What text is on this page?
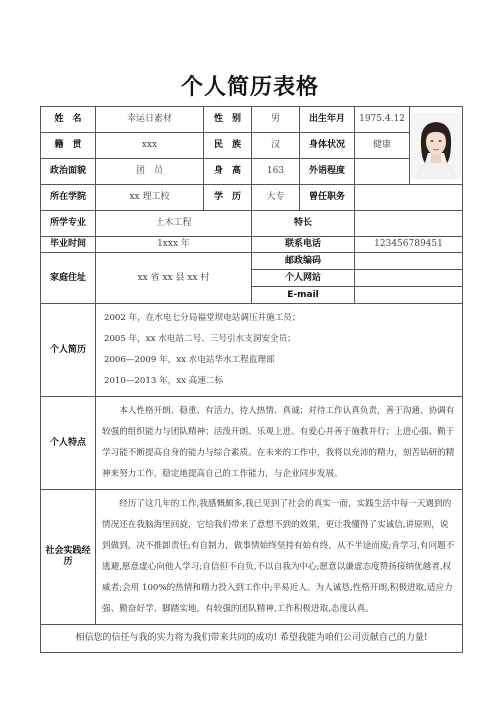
个人简历表格
姓　名	幸运日素材	性　别	男	出生年月	1975.4.12	

籍　贯	xxx	民　族	汉	身体状况	健康	
政治面貌	团　员	身　高	163	外语程度		
所在学院	xx 理工校	学　历	大专	曾任职务		
所学专业	土木工程		特长			
毕业时间	1xxx 年		联系电话		123456789451	
家庭住址	xx 省 xx 县 xx 村		邮政编码			
			个人网站			
			E-mail			
个人简历	2002 年，在水电七分局福堂坝电站调压井施工员；
2005 年，xx 水电站二号、三号引水支洞安全员；
2006—2009 年，xx 水电站华水工程监理部
2010—2013 年，xx 高速二标					

个人特点	本人性格开朗、稳重、有活力，待人热情、真诚；对待工作认真负责，善于沟通、协调有较强的组织能力与团队精神；活泼开朗、乐观上进、有爱心并善于施教并行；上进心强、勤于学习能不断提高自身的能力与综合素质。在未来的工作中，我将以充沛的精力，刻苦钻研的精神来努力工作，稳定地提高自己的工作能力，与企业同步发展。					
社会实践经历	经历了这几年的工作,我感慨颇多,我已见到了社会的真实一面，实践生活中每一天遇到的情况还在我脑海里回旋，它给我们带来了意想不到的效果，更让我懂得了实诚信,讲原则，说到做到，决不推卸责任;有自制力，做事情始终坚持有始有终，从不半途而废;肯学习,有问题不逃避,愿意虚心向他人学习;自信但不自负,不以自我为中心;愿意以谦虚态度赞扬接纳优越者,权威者;会用 100%的热情和精力投入到工作中;平易近人。为人诚恳,性格开朗,积极进取,适应力强、勤奋好学、脚踏实地，有较强的团队精神,工作积极进取,态度认真。					
相信您的信任与我的实力将为我们带来共同的成功! 希望我能为咱们公司贡献自己的力量!						
